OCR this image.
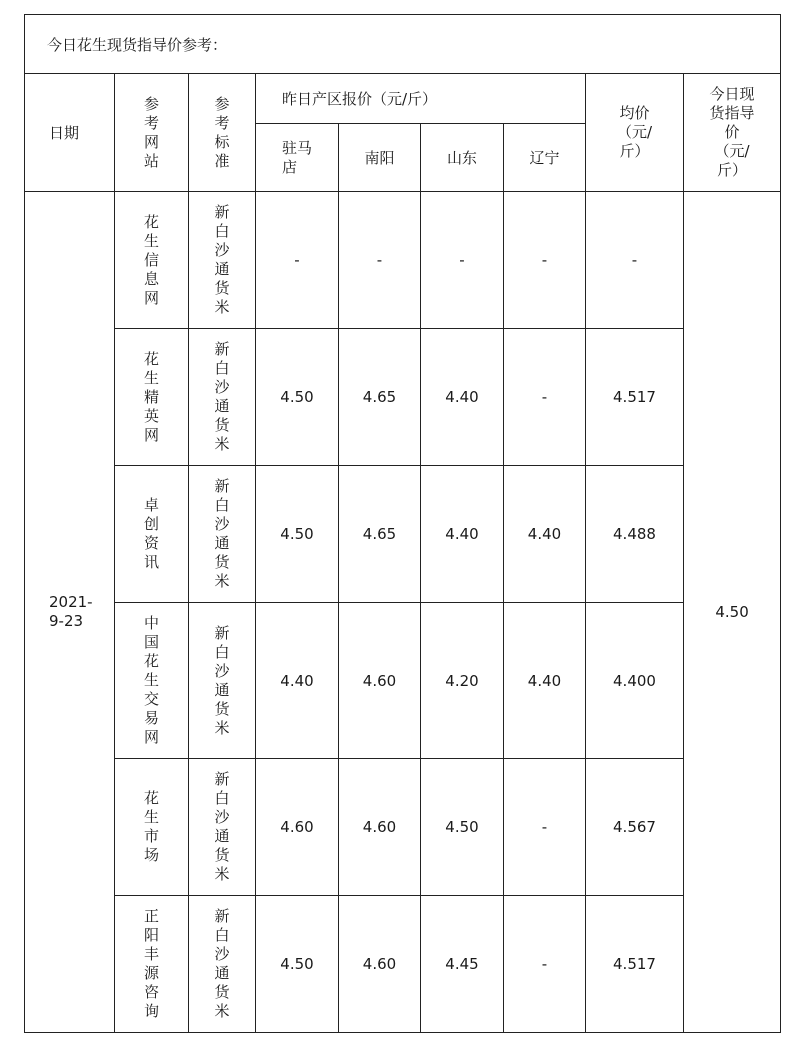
今日花生现货指导价参考：								
日期	参考网站	参考标准	昨日产区报价（元/斤）				均价（元/斤）	今日现货指导价（元/斤）
			驻马店	南阳	山东	辽宁		
2021-9-23	花生信息网	新白沙通货米	-	-	-	-	-	4.50
	花生精英网	新白沙通货米	4.50	4.65	4.40	-	4.517	
	卓创资讯	新白沙通货米	4.50	4.65	4.40	4.40	4.488	
	中国花生交易网	新白沙通货米	4.40	4.60	4.20	4.40	4.400	
	花生市场	新白沙通货米	4.60	4.60	4.50	-	4.567	
	正阳丰源咨询	新白沙通货米	4.50	4.60	4.45	-	4.517	
